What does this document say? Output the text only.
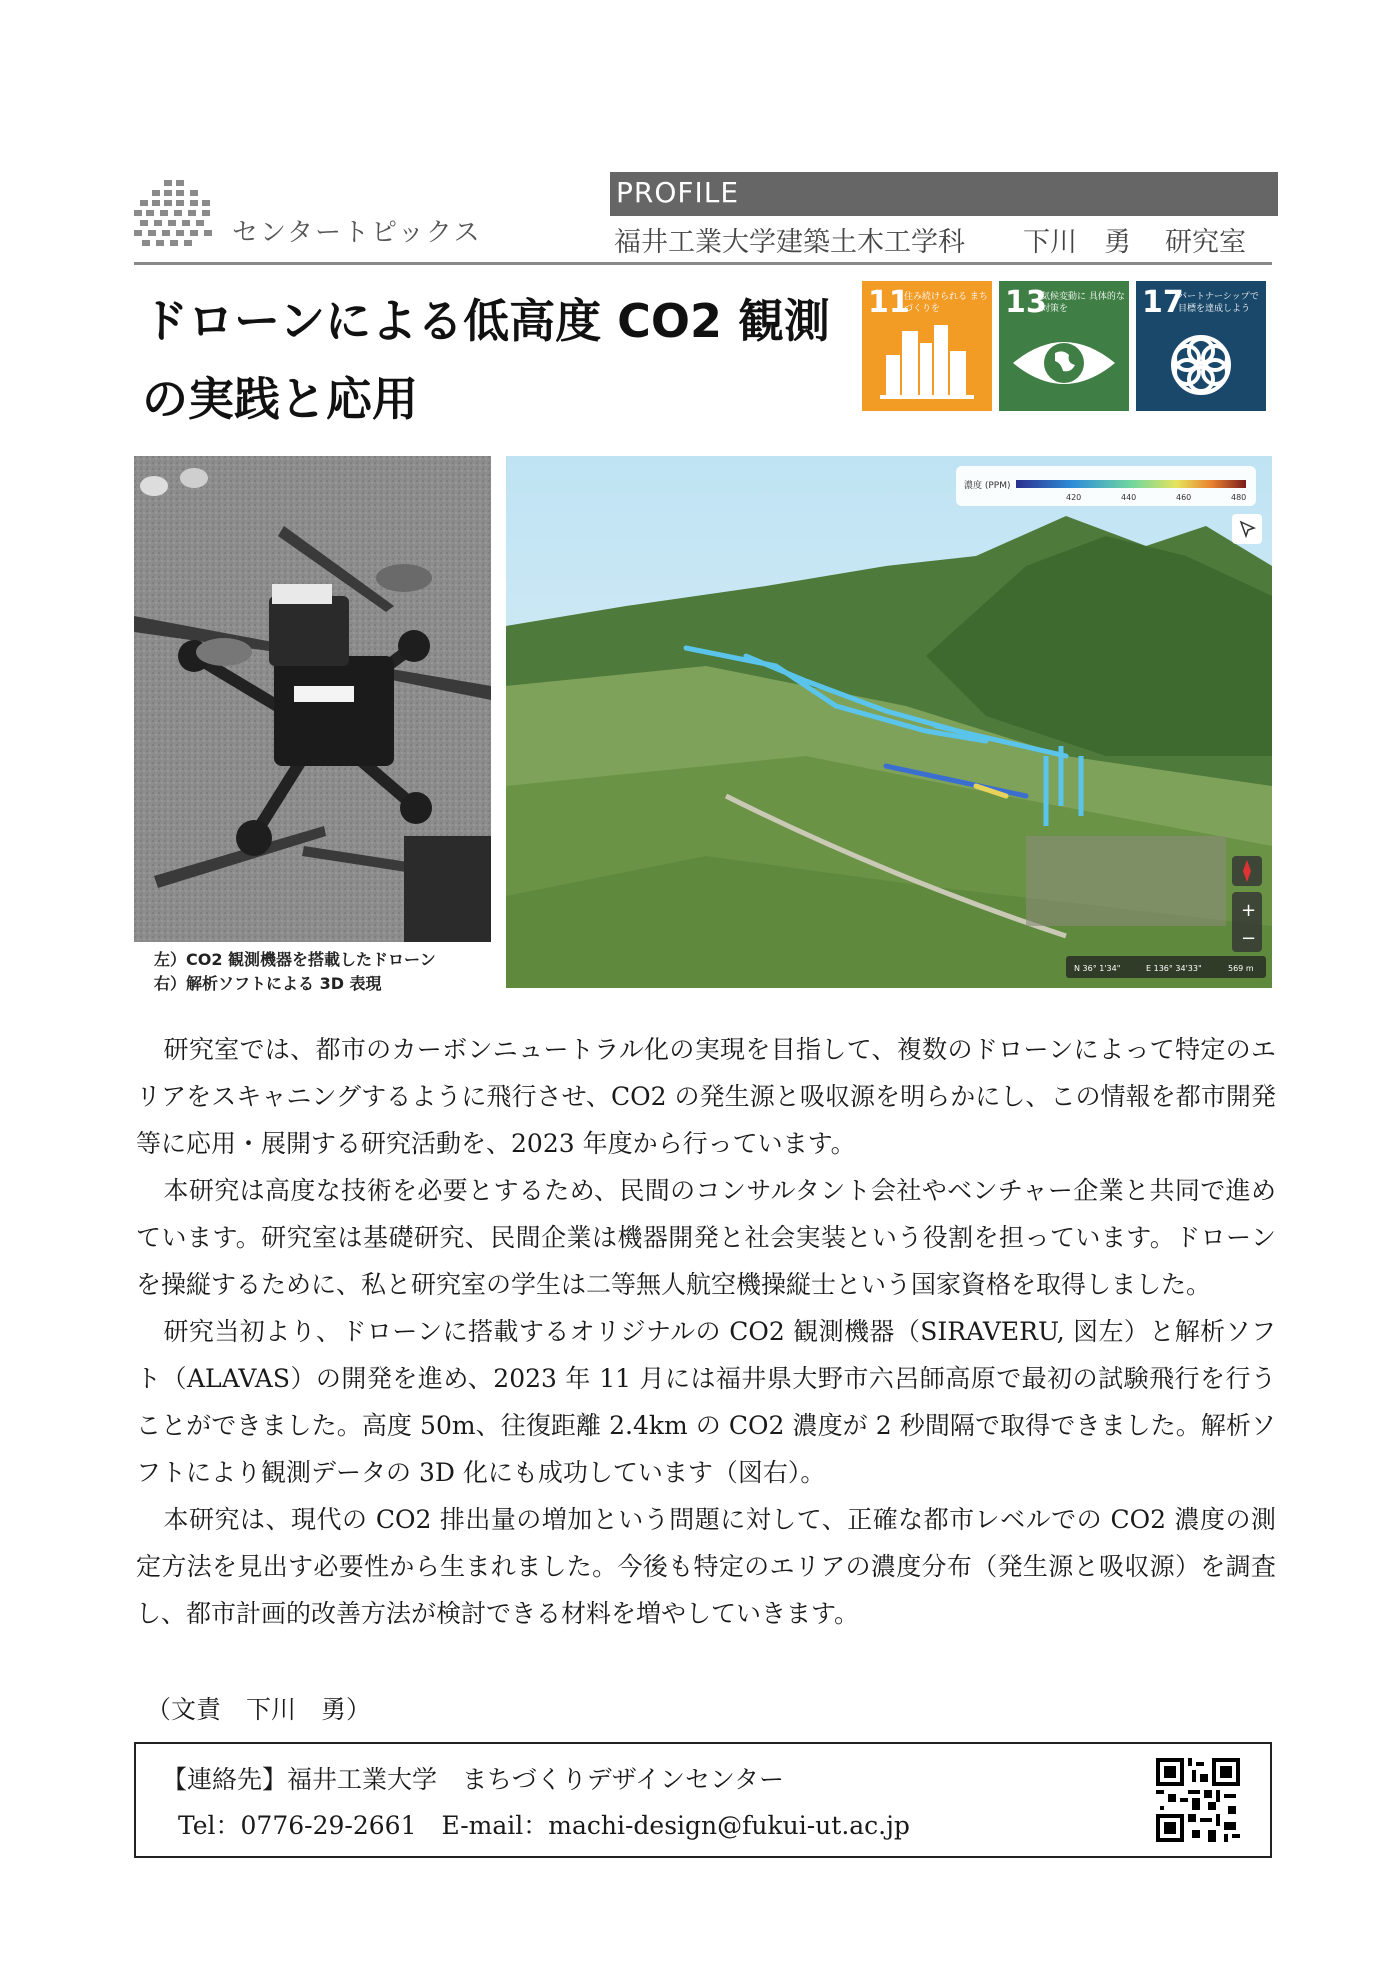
センタートピックス
PROFILE
福井工業大学建築土木工学科 下川　勇 研究室
ドローンによる低高度 CO2 観測
の実践と応用
11
住み続けられる まちづくりを	13
気候変動に 具体的な対策を	17
パートナーシップで 目標を達成しよう
濃度 (PPM)
420	440	460	480
+
−
N 36° 1'34"	E 136° 34'33"	569 m
左）CO2 観測機器を搭載したドローン
右）解析ソフトによる 3D 表現

研究室では、都市のカーボンニュートラル化の実現を目指して、複数のドローンによって特定のエリアをスキャニングするように飛行させ、CO2 の発生源と吸収源を明らかにし、この情報を都市開発等に応用・展開する研究活動を、2023 年度から行っています。

本研究は高度な技術を必要とするため、民間のコンサルタント会社やベンチャー企業と共同で進めています。研究室は基礎研究、民間企業は機器開発と社会実装という役割を担っています。ドローンを操縦するために、私と研究室の学生は二等無人航空機操縦士という国家資格を取得しました。

研究当初より、ドローンに搭載するオリジナルの CO2 観測機器（SIRAVERU, 図左）と解析ソフト（ALAVAS）の開発を進め、2023 年 11 月には福井県大野市六呂師高原で最初の試験飛行を行うことができました。高度 50m、往復距離 2.4km の CO2 濃度が 2 秒間隔で取得できました。解析ソフトにより観測データの 3D 化にも成功しています（図右）。

本研究は、現代の CO2 排出量の増加という問題に対して、正確な都市レベルでの CO2 濃度の測定方法を見出す必要性から生まれました。今後も特定のエリアの濃度分布（発生源と吸収源）を調査し、都市計画的改善方法が検討できる材料を増やしていきます。

（文責　下川　勇）
【連絡先】福井工業大学　まちづくりデザインセンター
Tel：0776-29-2661　E-mail：machi-design@fukui-ut.ac.jp
